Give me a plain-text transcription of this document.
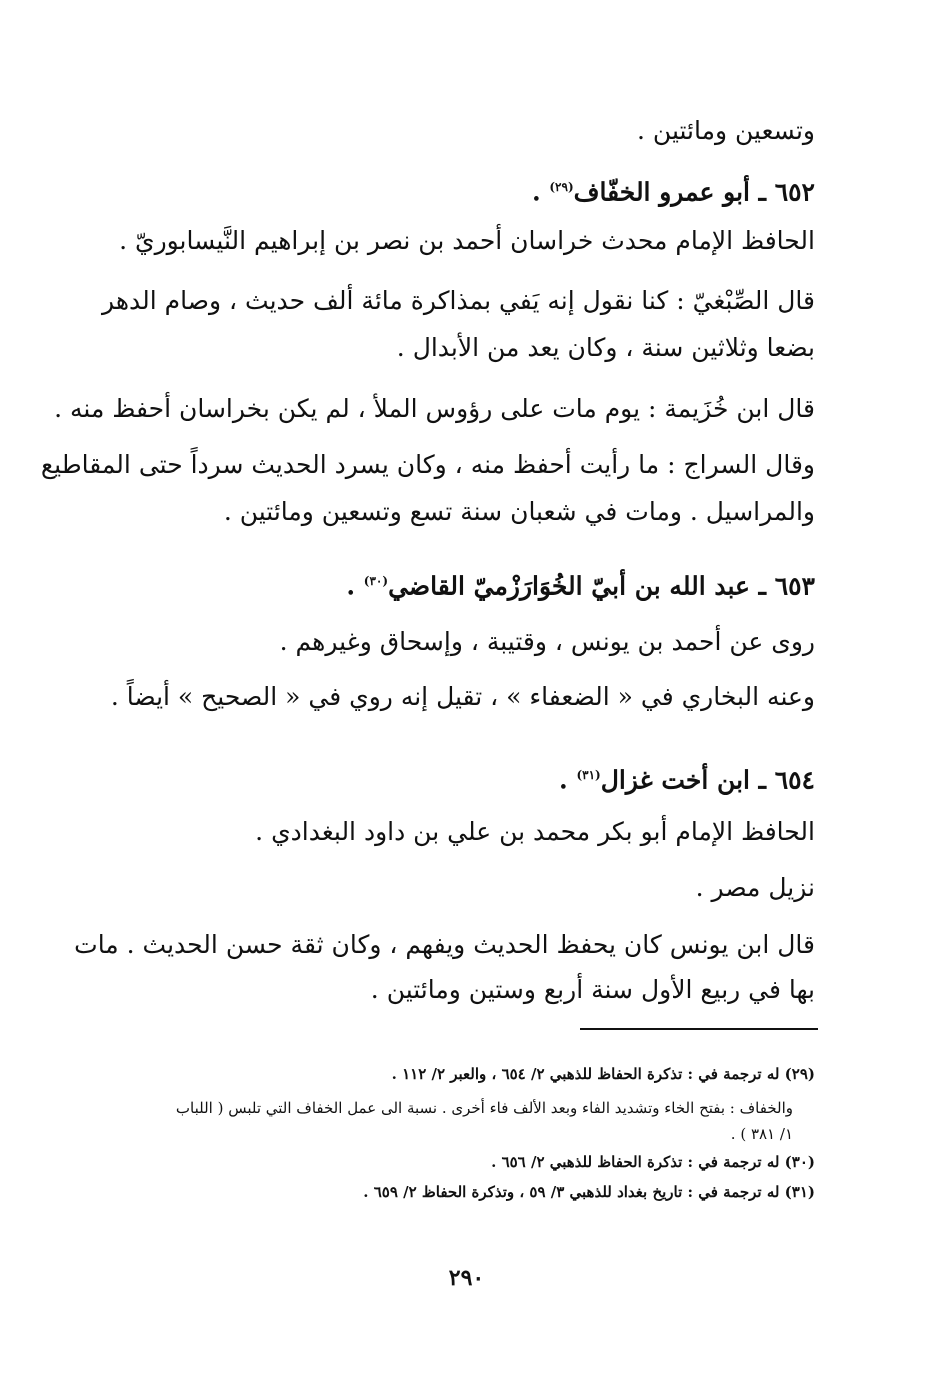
وتسعين ومائتين .
٦٥٢ ـ أبو عمرو الخفّاف$^{(٢٩)}$ .
الحافظ الإمام محدث خراسان أحمد بن نصر بن إبراهيم النَّيسابوريّ .
قال الصِّبْغيّ : كنا نقول إنه يَفي بمذاكرة مائة ألف حديث ، وصام الدهر
بضعا وثلاثين سنة ، وكان يعد من الأبدال .
قال ابن خُزَيمة : يوم مات على رؤوس الملأ ، لم يكن بخراسان أحفظ منه .
وقال السراج : ما رأيت أحفظ منه ، وكان يسرد الحديث سرداً حتى المقاطيع
والمراسيل . ومات في شعبان سنة تسع وتسعين ومائتين .
٦٥٣ ـ عبد الله بن أبيّ الخُوَارَزْميّ القاضي$^{(٣٠)}$ .
روى عن أحمد بن يونس ، وقتيبة ، وإسحاق وغيرهم .
وعنه البخاري في « الضعفاء » ، تقيل إنه روي في « الصحيح » أيضاً .
٦٥٤ ـ ابن أخت غزال$^{(٣١)}$ .
الحافظ الإمام أبو بكر محمد بن علي بن داود البغدادي .
نزيل مصر .
قال ابن يونس كان يحفظ الحديث ويفهم ، وكان ثقة حسن الحديث . مات
بها في ربيع الأول سنة أربع وستين ومائتين .
(٢٩) له ترجمة في : تذكرة الحفاظ للذهبي ٢/ ٦٥٤ ، والعبر ٢/ ١١٢ .
والخفاف : بفتح الخاء وتشديد الفاء وبعد الألف فاء أخرى . نسبة الى عمل الخفاف التي تلبس ( اللباب
١/ ٣٨١ ) .
(٣٠) له ترجمة في : تذكرة الحفاظ للذهبي ٢/ ٦٥٦ .
(٣١) له ترجمة في : تاريخ بغداد للذهبي ٣/ ٥٩ ، وتذكرة الحفاظ ٢/ ٦٥٩ .
٢٩٠
